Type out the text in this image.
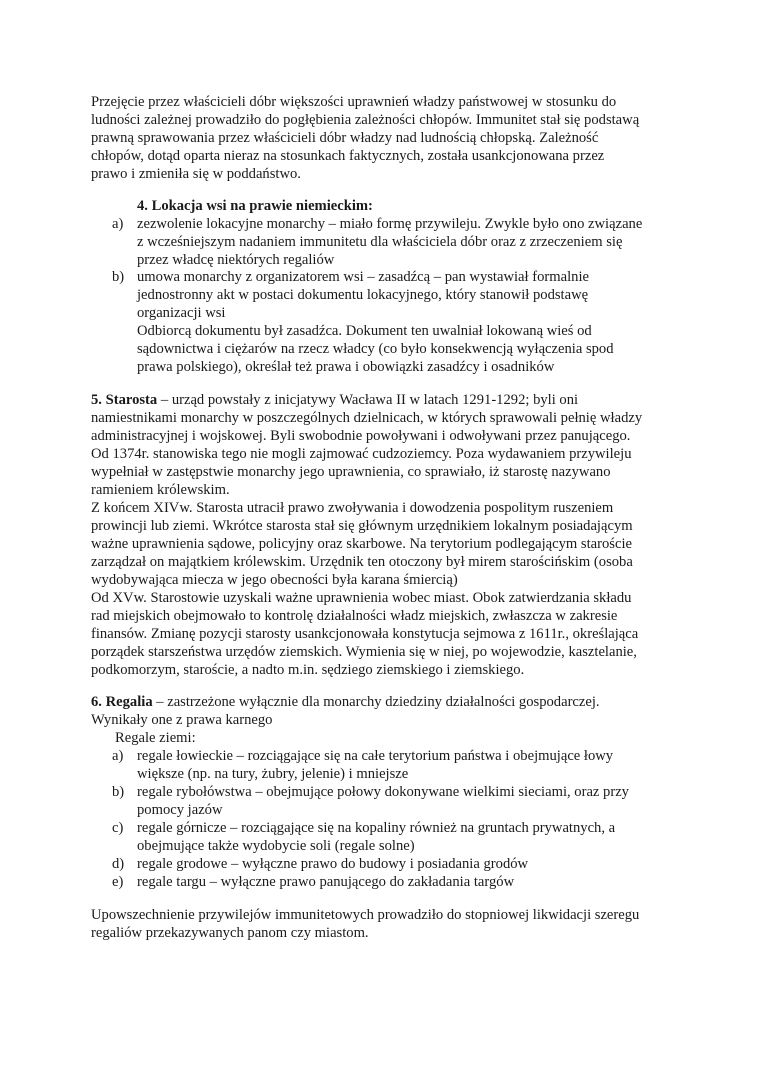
Przejęcie przez właścicieli dóbr większości uprawnień władzy państwowej w stosunku do
ludności zależnej prowadziło do pogłębienia zależności chłopów. Immunitet stał się podstawą
prawną sprawowania przez właścicieli dóbr władzy nad ludnością chłopską. Zależność
chłopów, dotąd oparta nieraz na stosunkach faktycznych, została usankcjonowana przez
prawo i zmieniła się w poddaństwo.
4. Lokacja wsi na prawie niemieckim:
a) zezwolenie lokacyjne monarchy – miało formę przywileju. Zwykle było ono związane
z wcześniejszym nadaniem immunitetu dla właściciela dóbr oraz z zrzeczeniem się
przez władcę niektórych regaliów
b) umowa monarchy z organizatorem wsi – zasadźcą – pan wystawiał formalnie
jednostronny akt w postaci dokumentu lokacyjnego, który stanowił podstawę
organizacji wsi
Odbiorcą dokumentu był zasadźca. Dokument ten uwalniał lokowaną wieś od
sądownictwa i ciężarów na rzecz władcy (co było konsekwencją wyłączenia spod
prawa polskiego), określał też prawa i obowiązki zasadźcy i osadników
5. Starosta – urząd powstały z inicjatywy Wacława II w latach 1291-1292; byli oni
namiestnikami monarchy w poszczególnych dzielnicach, w których sprawowali pełnię władzy
administracyjnej i wojskowej. Byli swobodnie powoływani i odwoływani przez panującego.
Od 1374r. stanowiska tego nie mogli zajmować cudzoziemcy. Poza wydawaniem przywileju
wypełniał w zastępstwie monarchy jego uprawnienia, co sprawiało, iż starostę nazywano
ramieniem królewskim.
Z końcem XIVw. Starosta utracił prawo zwoływania i dowodzenia pospolitym ruszeniem
prowincji lub ziemi. Wkrótce starosta stał się głównym urzędnikiem lokalnym posiadającym
ważne uprawnienia sądowe, policyjny oraz skarbowe. Na terytorium podlegającym staroście
zarządzał on majątkiem królewskim. Urzędnik ten otoczony był mirem starościńskim (osoba
wydobywająca miecza w jego obecności była karana śmiercią)
Od XVw. Starostowie uzyskali ważne uprawnienia wobec miast. Obok zatwierdzania składu
rad miejskich obejmowało to kontrolę działalności władz miejskich, zwłaszcza w zakresie
finansów. Zmianę pozycji starosty usankcjonowała konstytucja sejmowa z 1611r., określająca
porządek starszeństwa urzędów ziemskich. Wymienia się w niej, po wojewodzie, kasztelanie,
podkomorzym, staroście, a nadto m.in. sędziego ziemskiego i ziemskiego.
6. Regalia – zastrzeżone wyłącznie dla monarchy dziedziny działalności gospodarczej.
Wynikały one z prawa karnego
Regale ziemi:
a) regale łowieckie – rozciągające się na całe terytorium państwa i obejmujące łowy
większe (np. na tury, żubry, jelenie) i mniejsze
b) regale rybołówstwa – obejmujące połowy dokonywane wielkimi sieciami, oraz przy
pomocy jazów
c) regale górnicze – rozciągające się na kopaliny również na gruntach prywatnych, a
obejmujące także wydobycie soli (regale solne)
d) regale grodowe – wyłączne prawo do budowy i posiadania grodów
e) regale targu – wyłączne prawo panującego do zakładania targów
Upowszechnienie przywilejów immunitetowych prowadziło do stopniowej likwidacji szeregu
regaliów przekazywanych panom czy miastom.
